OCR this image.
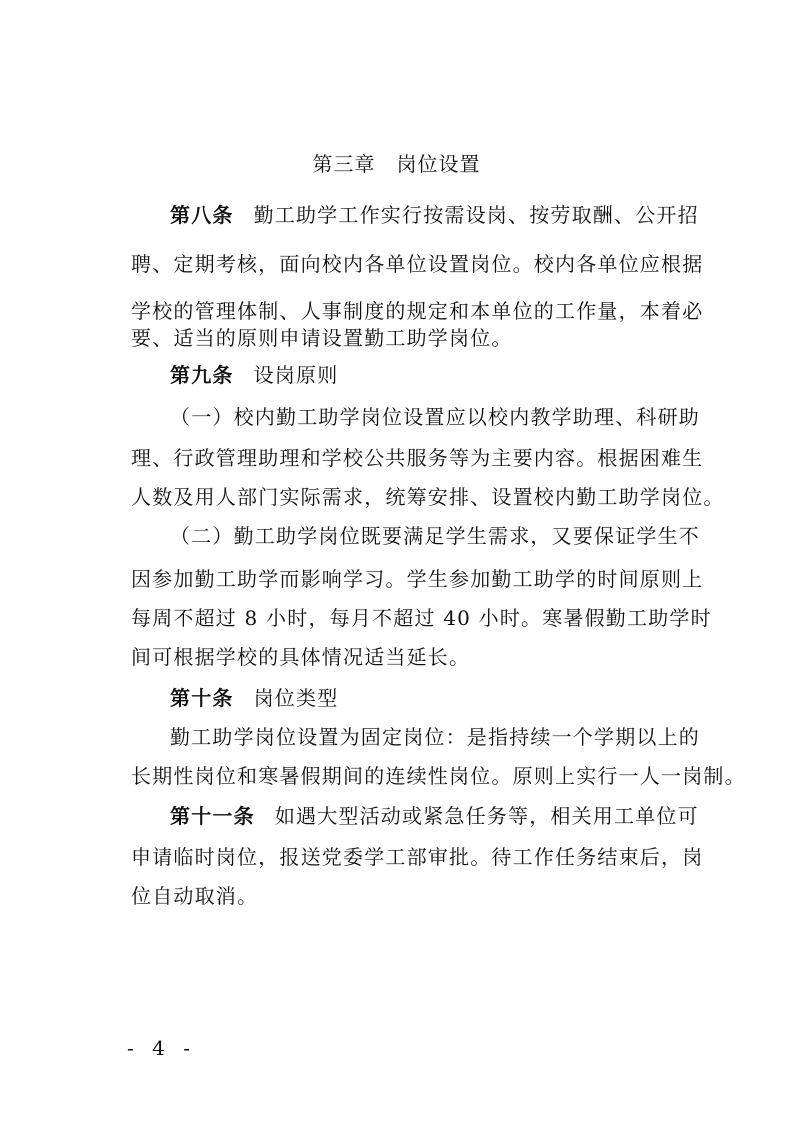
第三章　岗位设置
第八条 勤工助学工作实行按需设岗、按劳取酬、公开招
聘、定期考核，面向校内各单位设置岗位。校内各单位应根据
学校的管理体制、人事制度的规定和本单位的工作量，本着必
要、适当的原则申请设置勤工助学岗位。
第九条 设岗原则
（一）校内勤工助学岗位设置应以校内教学助理、科研助
理、行政管理助理和学校公共服务等为主要内容。根据困难生
人数及用人部门实际需求，统筹安排、设置校内勤工助学岗位。
（二）勤工助学岗位既要满足学生需求，又要保证学生不
因参加勤工助学而影响学习。学生参加勤工助学的时间原则上
每周不超过 8 小时，每月不超过 40 小时。寒暑假勤工助学时
间可根据学校的具体情况适当延长。
第十条 岗位类型
勤工助学岗位设置为固定岗位：是指持续一个学期以上的
长期性岗位和寒暑假期间的连续性岗位。原则上实行一人一岗制。
第十一条 如遇大型活动或紧急任务等，相关用工单位可
申请临时岗位，报送党委学工部审批。待工作任务结束后，岗
位自动取消。
- 4 -
